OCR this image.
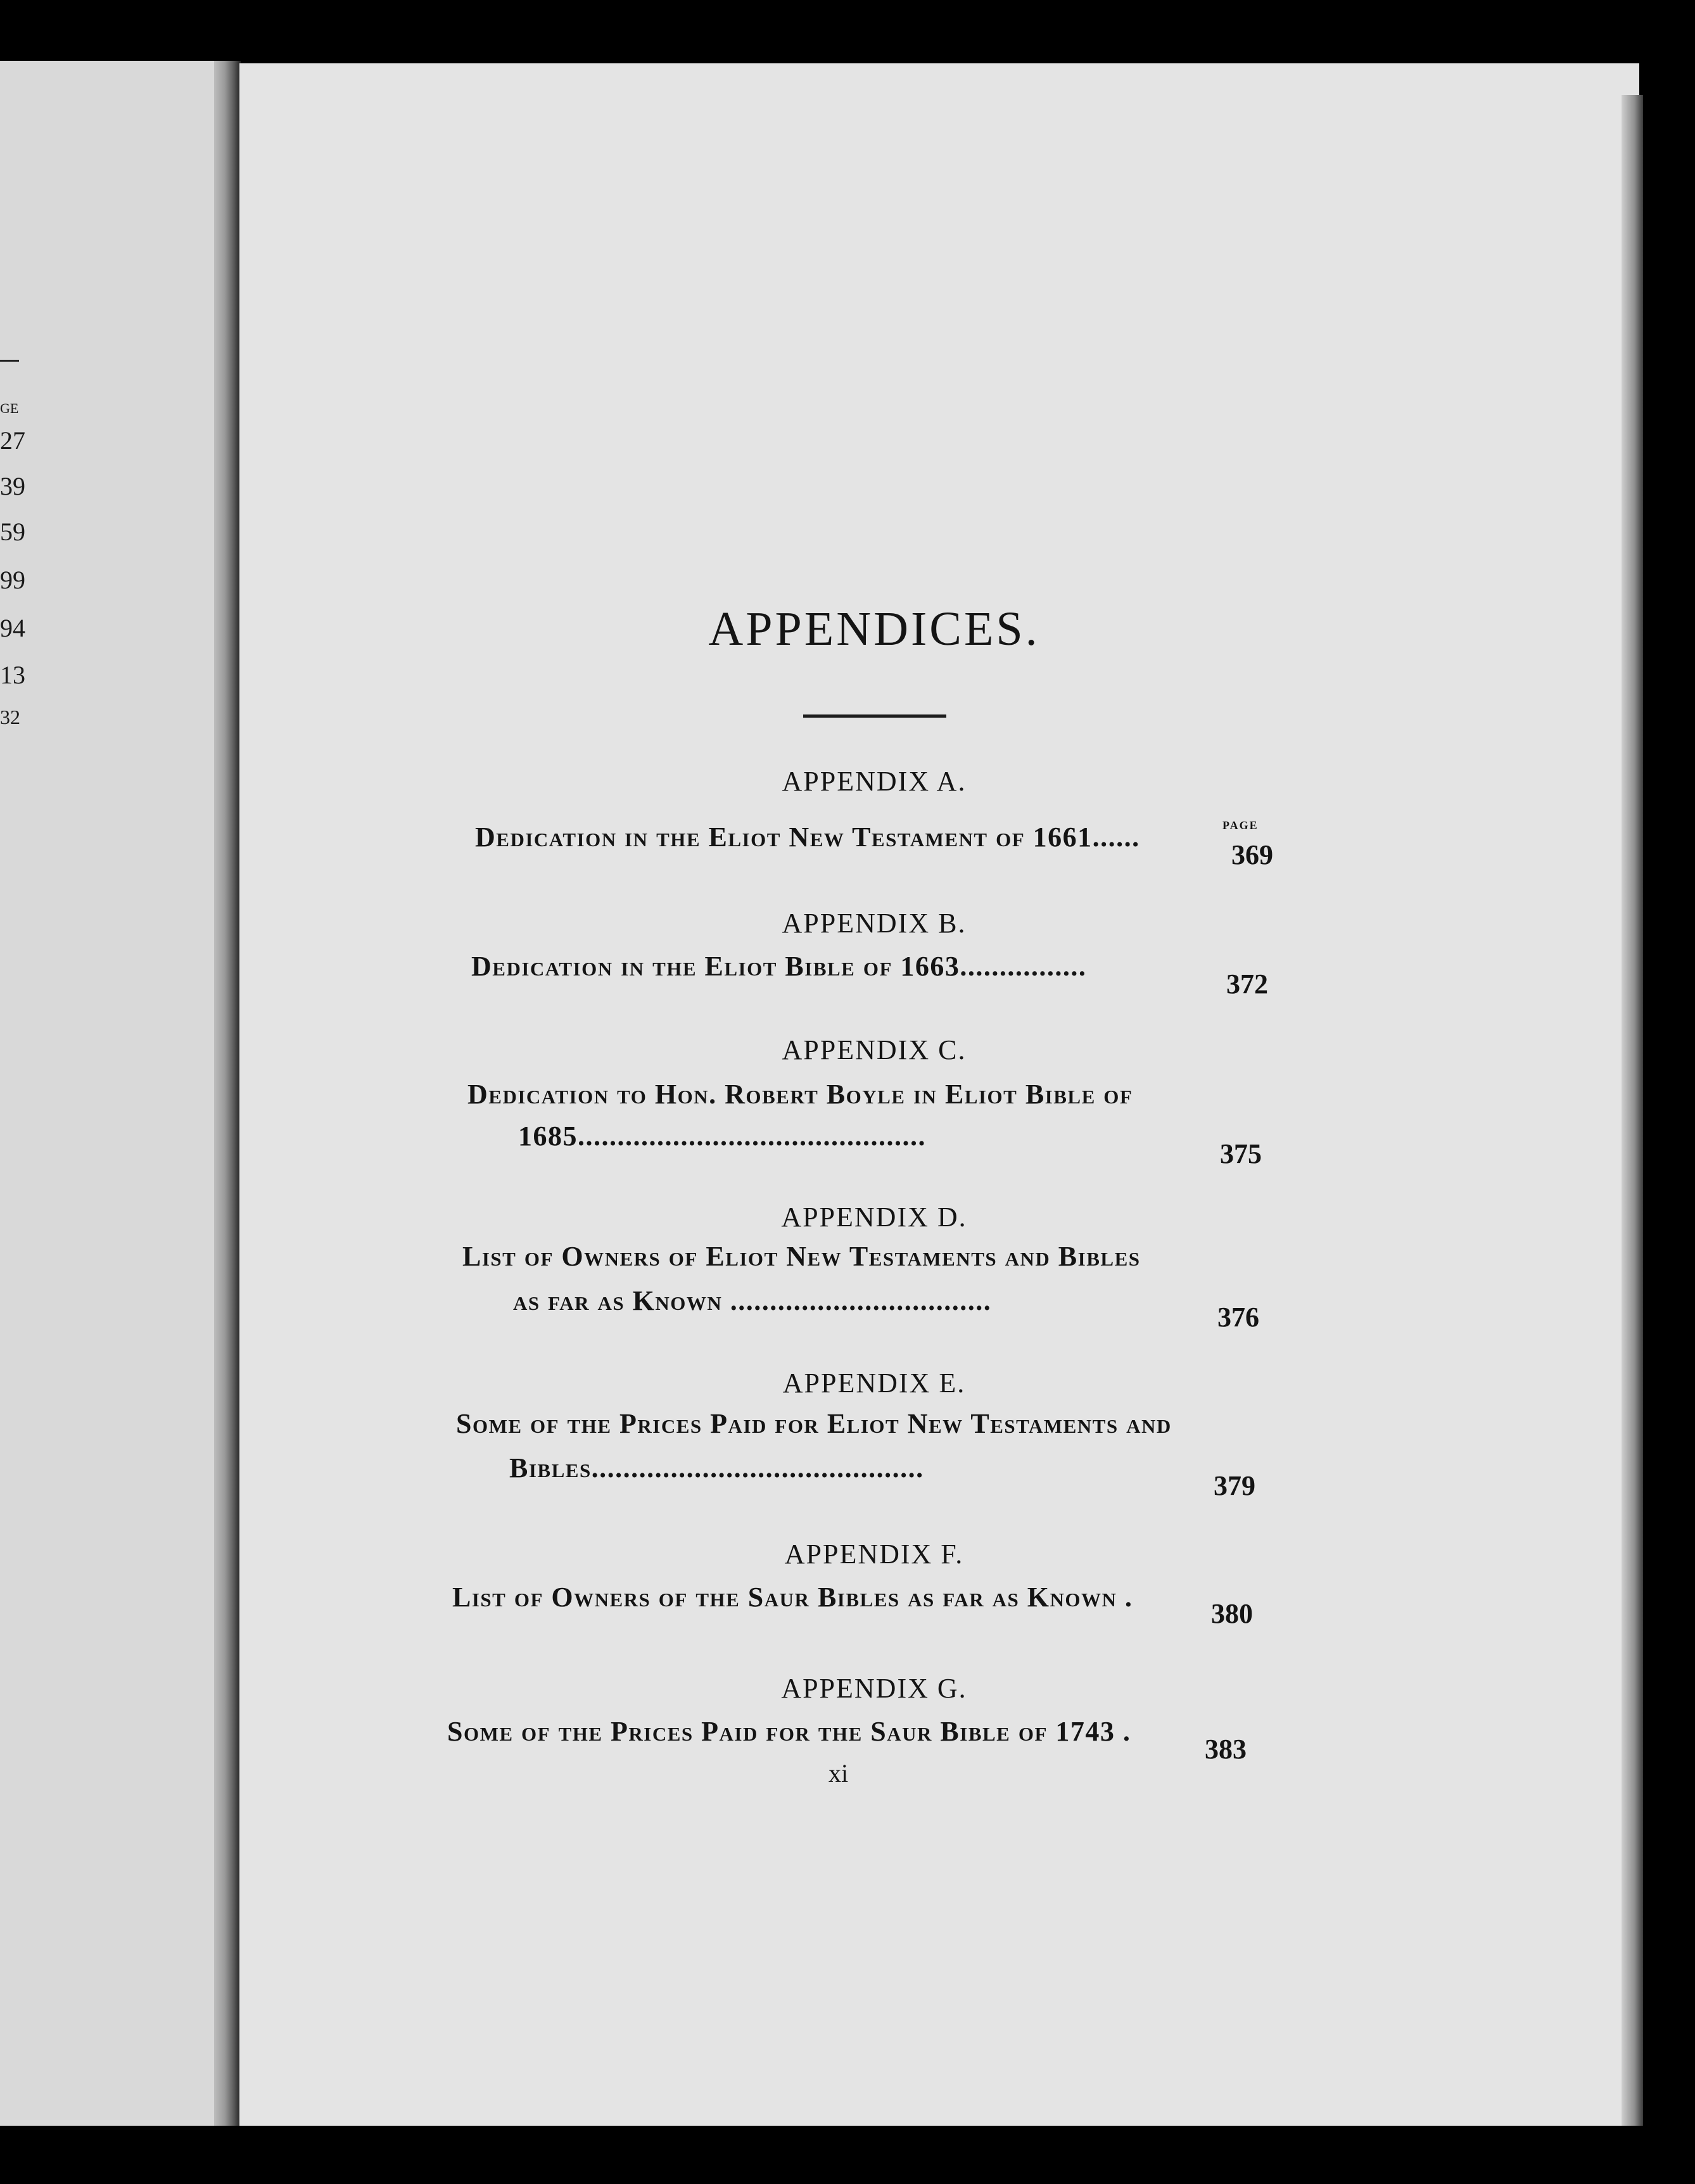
GE
27
39
59
99
94
13
32
APPENDICES.
page
APPENDIX A.
Dedication in the Eliot New Testament of 1661......
369
APPENDIX B.
Dedication in the Eliot Bible of 1663................
372
APPENDIX C.
Dedication to Hon. Robert Boyle in Eliot Bible of
1685............................................
375
APPENDIX D.
List of Owners of Eliot New Testaments and Bibles
as far as Known .................................
376
APPENDIX E.
Some of the Prices Paid for Eliot New Testaments and
Bibles..........................................
379
APPENDIX F.
List of Owners of the Saur Bibles as far as Known .
380
APPENDIX G.
Some of the Prices Paid for the Saur Bible of 1743 .
383
xi
